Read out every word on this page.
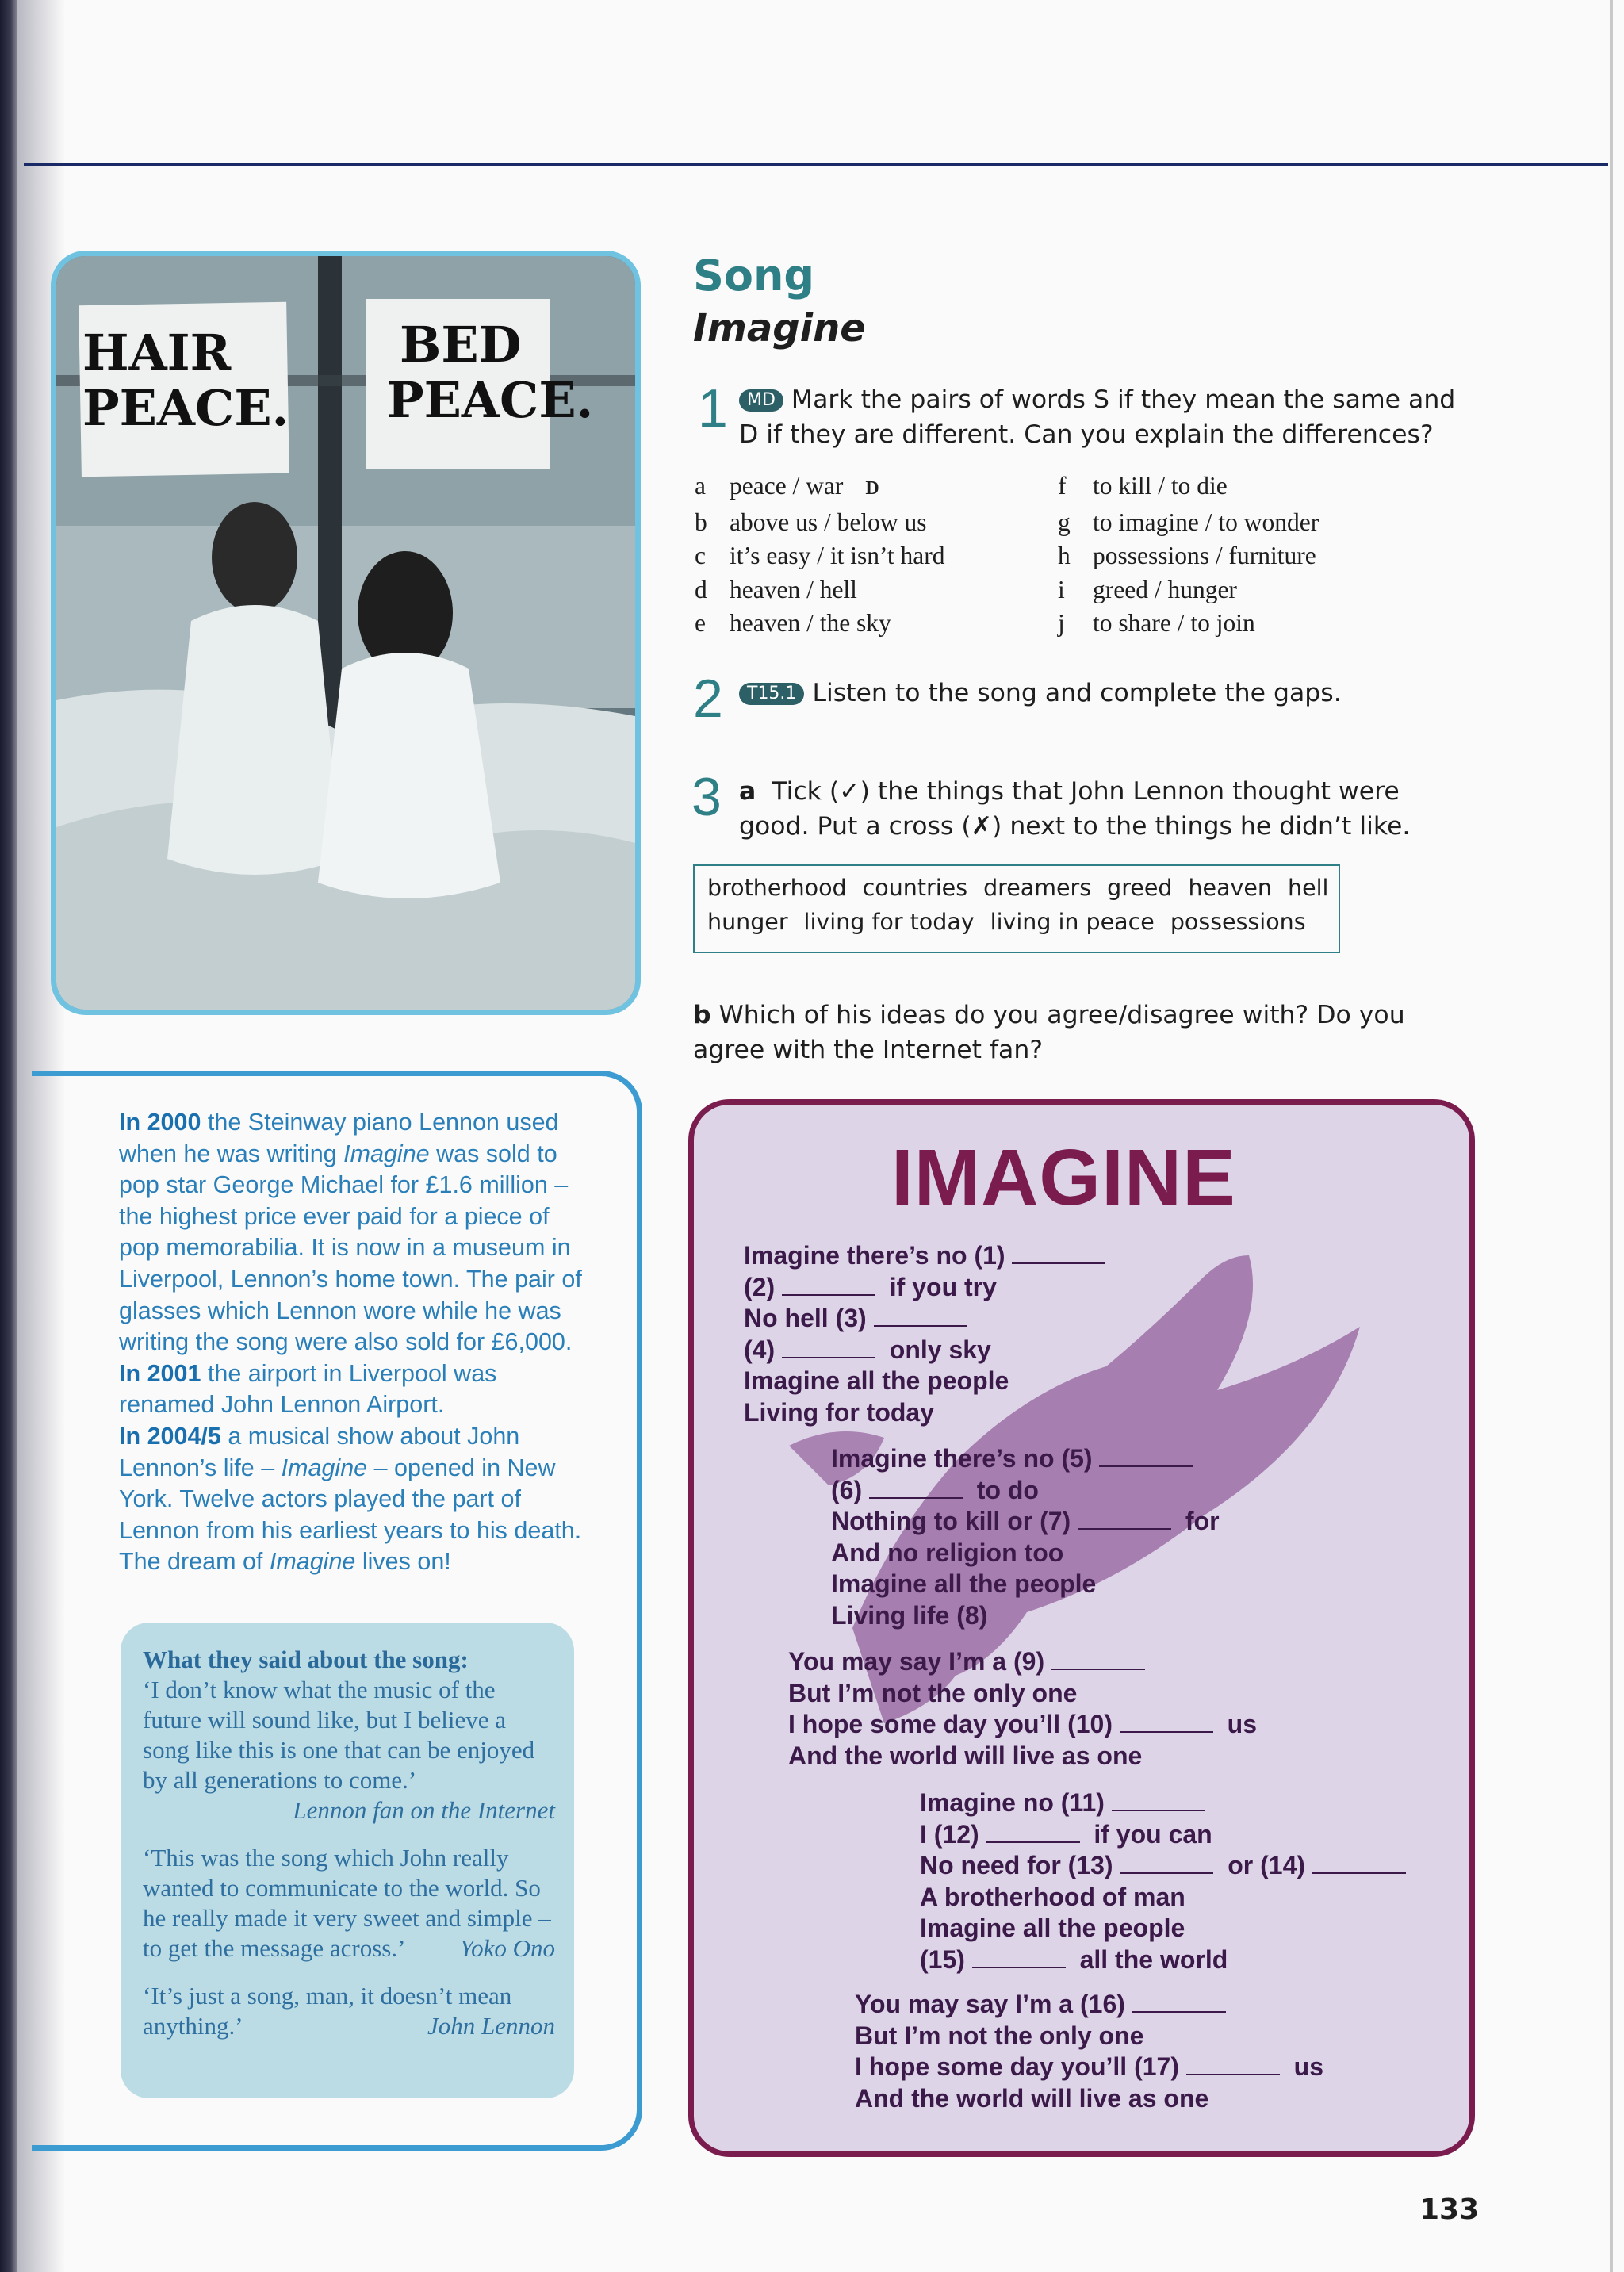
HAIR
PEACE.
BED
PEACE.

In 2000 the Steinway piano Lennon used when he was writing Imagine was sold to pop star George Michael for £1.6 million – the highest price ever paid for a piece of pop memorabilia. It is now in a museum in Liverpool, Lennon’s home town. The pair of glasses which Lennon wore while he was writing the song were also sold for £6,000.

In 2001 the airport in Liverpool was renamed John Lennon Airport.

In 2004/5 a musical show about John Lennon’s life – Imagine – opened in New York. Twelve actors played the part of Lennon from his earliest years to his death. The dream of Imagine lives on!

What they said about the song:

‘I don’t know what the music of the future will sound like, but I believe a song like this is one that can be enjoyed by all generations to come.’
Lennon fan on the Internet

‘This was the song which John really wanted to communicate to the world. So he really made it very sweet and simple – to get the message across.’ Yoko Ono

‘It’s just a song, man, it doesn’t mean anything.’	John Lennon

Song
Imagine
1	MD Mark the pairs of words S if they mean the same and D if they are different. Can you explain the differences?
a peace / war D	f	to kill / to die
b above us / below us	g to imagine / to wonder
c it’s easy / it isn’t hard	h possessions / furniture
d heaven / hell	i	greed / hunger
e heaven / the sky	j	to share / to join
2	T15.1 Listen to the song and complete the gaps.
3 a Tick (✓) the things that John Lennon thought were good. Put a cross (✗) next to the things he didn’t like.
brotherhood countries dreamers greed heaven hell
hunger living for today living in peace possessions
b Which of his ideas do you agree/disagree with? Do you agree with the Internet fan?
IMAGINE
Imagine there’s no (1)
(2)	if you try
No hell (3)
(4)	only sky
Imagine all the people
Living for today
Imagine there’s no (5)
(6)	to do
Nothing to kill or (7)	for
And no religion too
Imagine all the people
Living life (8)
You may say I’m a (9)
But I’m not the only one
I hope some day you’ll (10)	us
And the world will live as one
Imagine no (11)
I (12)	if you can
No need for (13)	or (14)
A brotherhood of man
Imagine all the people
(15)	all the world
You may say I’m a (16)
But I’m not the only one
I hope some day you’ll (17)	us
And the world will live as one
133
